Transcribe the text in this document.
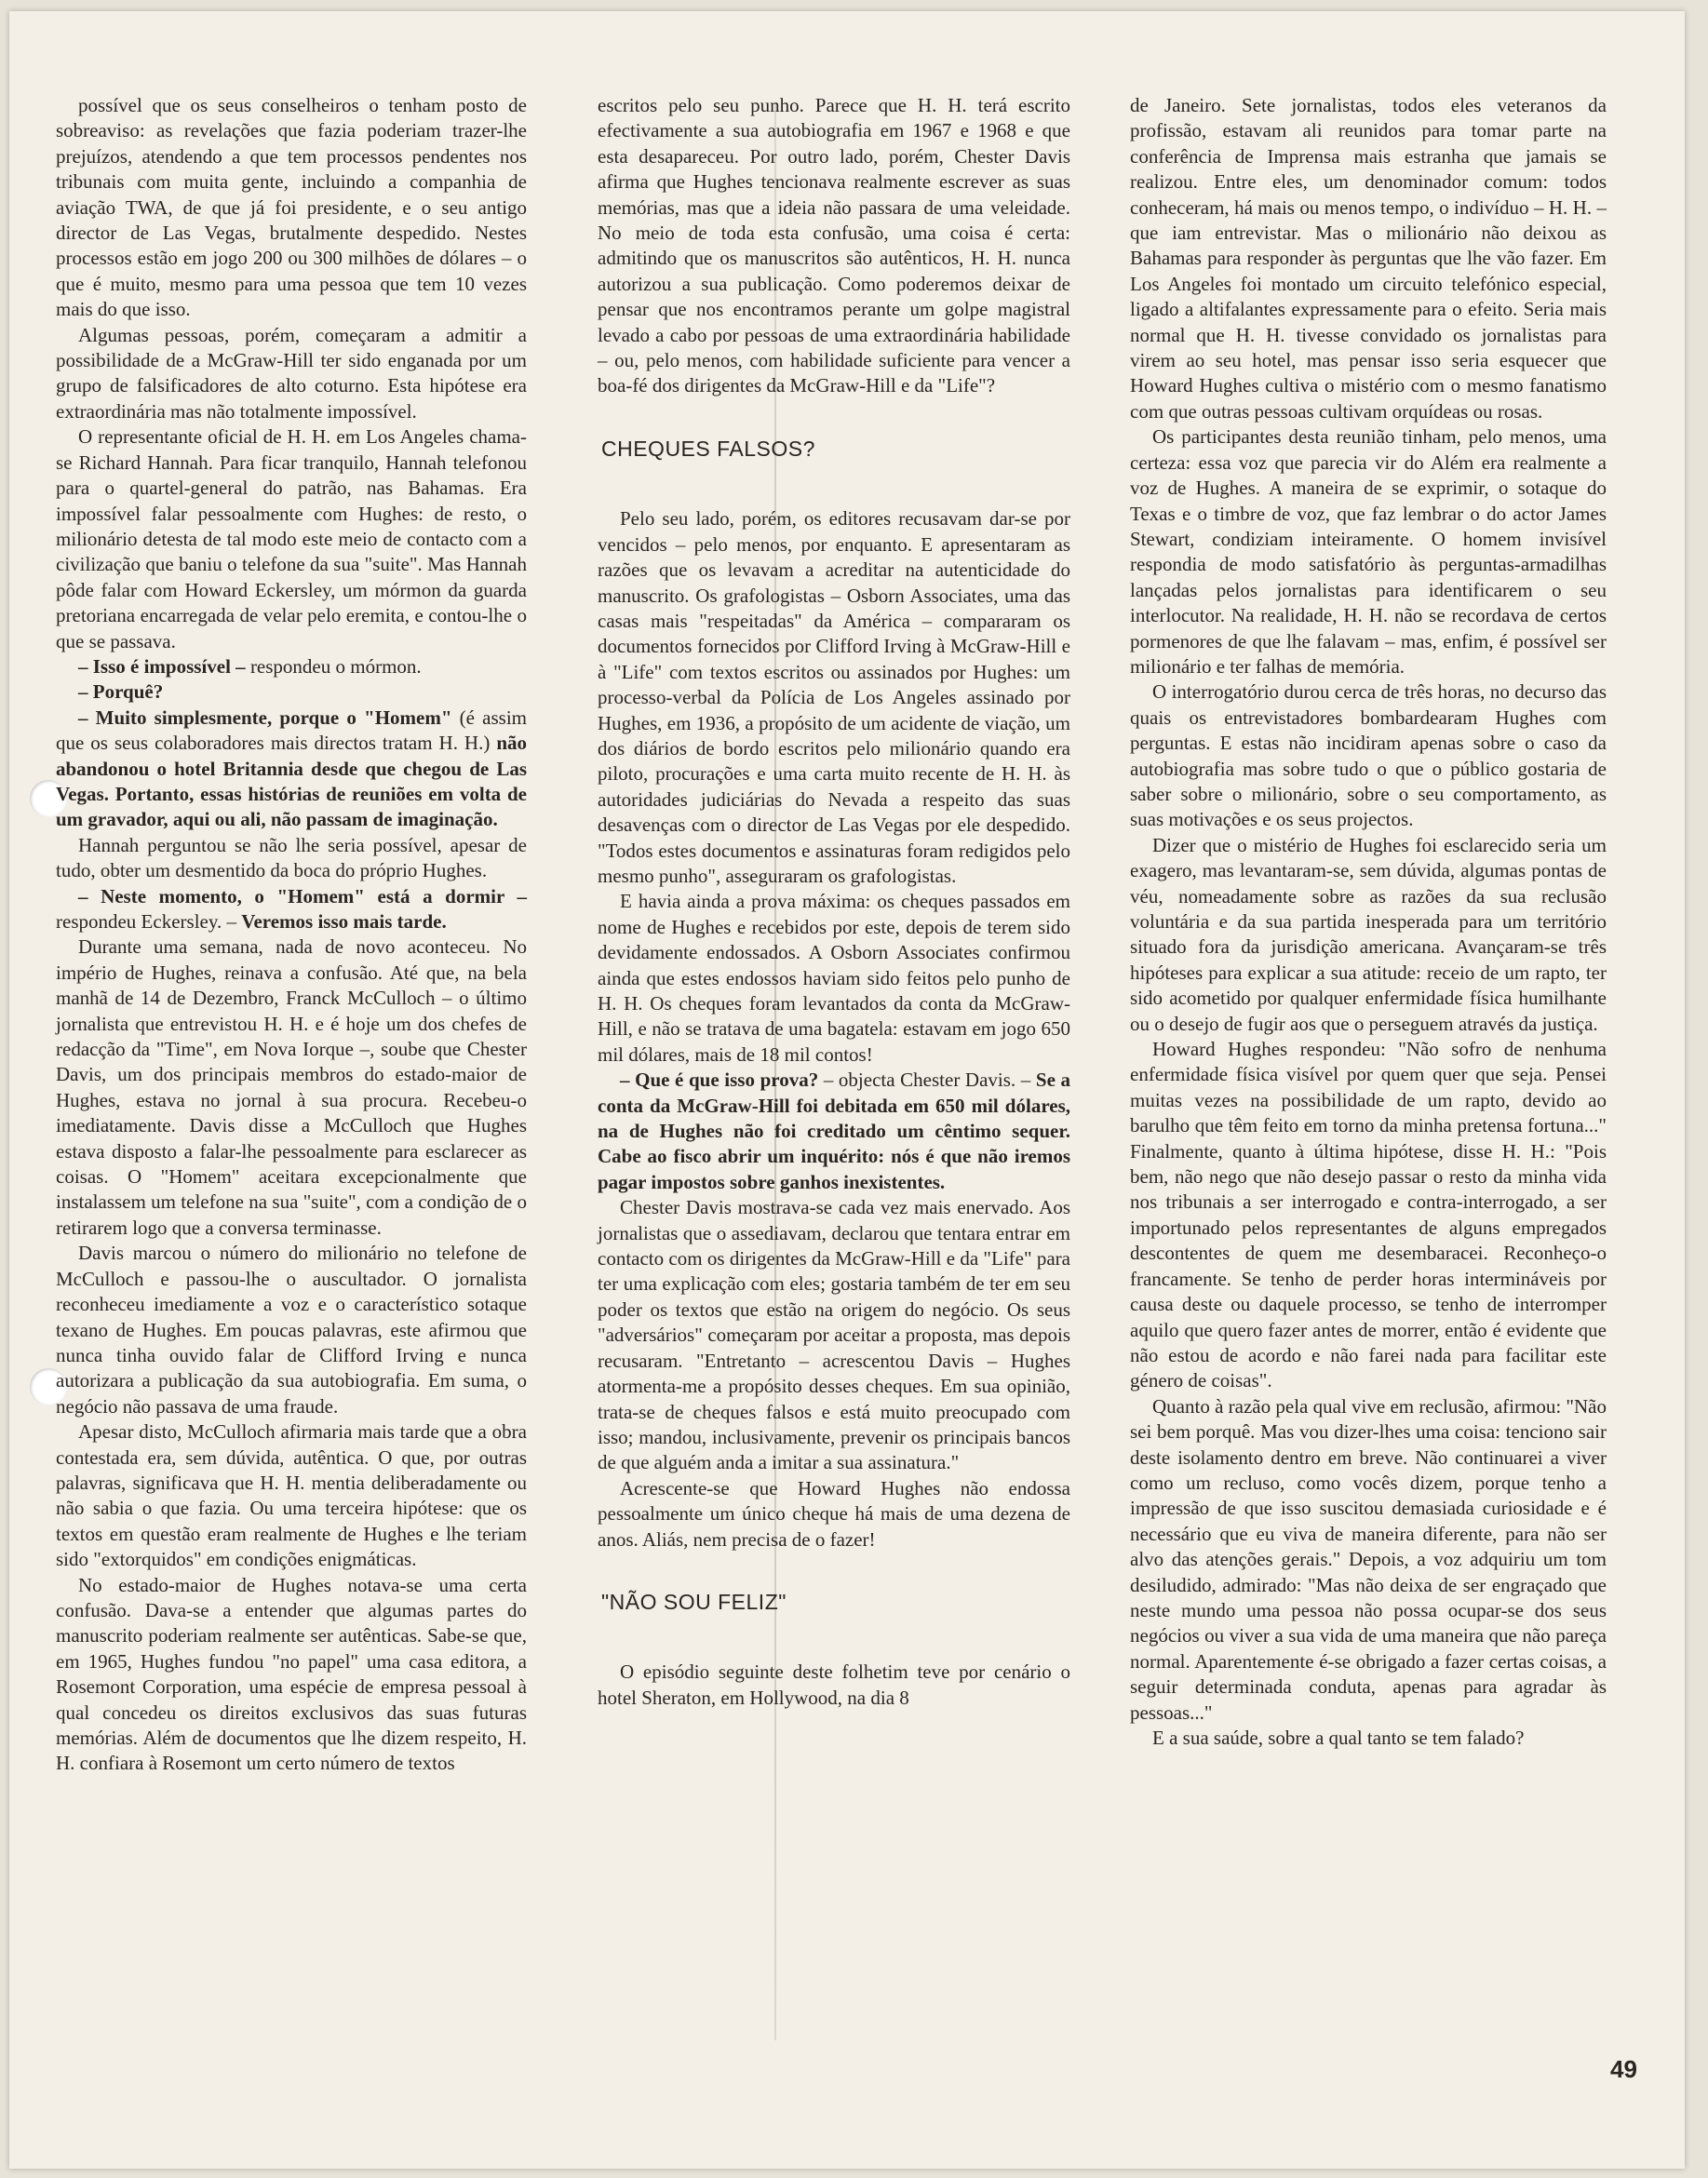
possível que os seus conselheiros o tenham posto de sobreaviso: as revelações que fazia poderiam trazer-lhe prejuízos, atendendo a que tem processos pendentes nos tribunais com muita gente, incluindo a companhia de aviação TWA, de que já foi presidente, e o seu antigo director de Las Vegas, brutalmente despedido. Nestes processos estão em jogo 200 ou 300 milhões de dólares – o que é muito, mesmo para uma pessoa que tem 10 vezes mais do que isso.

Algumas pessoas, porém, começaram a admitir a possibilidade de a McGraw-Hill ter sido enganada por um grupo de falsificadores de alto coturno. Esta hipótese era extraordinária mas não totalmente impossível.

O representante oficial de H. H. em Los Angeles chama-se Richard Hannah. Para ficar tranquilo, Hannah telefonou para o quartel-general do patrão, nas Bahamas. Era impossível falar pessoalmente com Hughes: de resto, o milionário detesta de tal modo este meio de contacto com a civilização que baniu o telefone da sua "suite". Mas Hannah pôde falar com Howard Eckersley, um mórmon da guarda pretoriana encarregada de velar pelo eremita, e contou-lhe o que se passava.

– Isso é impossível – respondeu o mórmon.

– Porquê?

– Muito simplesmente, porque o "Homem" (é assim que os seus colaboradores mais directos tratam H. H.) não abandonou o hotel Britannia desde que chegou de Las Vegas. Portanto, essas histórias de reuniões em volta de um gravador, aqui ou ali, não passam de imaginação.

Hannah perguntou se não lhe seria possível, apesar de tudo, obter um desmentido da boca do próprio Hughes.

– Neste momento, o "Homem" está a dormir – respondeu Eckersley. – Veremos isso mais tarde.

Durante uma semana, nada de novo aconteceu. No império de Hughes, reinava a confusão. Até que, na bela manhã de 14 de Dezembro, Franck McCulloch – o último jornalista que entrevistou H. H. e é hoje um dos chefes de redacção da "Time", em Nova Iorque –, soube que Chester Davis, um dos principais membros do estado-maior de Hughes, estava no jornal à sua procura. Recebeu-o imediatamente. Davis disse a McCulloch que Hughes estava disposto a falar-lhe pessoalmente para esclarecer as coisas. O "Homem" aceitara excepcionalmente que instalassem um telefone na sua "suite", com a condição de o retirarem logo que a conversa terminasse.

Davis marcou o número do milionário no telefone de McCulloch e passou-lhe o auscultador. O jornalista reconheceu imediamente a voz e o característico sotaque texano de Hughes. Em poucas palavras, este afirmou que nunca tinha ouvido falar de Clifford Irving e nunca autorizara a publicação da sua autobiografia. Em suma, o negócio não passava de uma fraude.

Apesar disto, McCulloch afirmaria mais tarde que a obra contestada era, sem dúvida, autêntica. O que, por outras palavras, significava que H. H. mentia deliberadamente ou não sabia o que fazia. Ou uma terceira hipótese: que os textos em questão eram realmente de Hughes e lhe teriam sido "extorquidos" em condições enigmáticas.

No estado-maior de Hughes notava-se uma certa confusão. Dava-se a entender que algumas partes do manuscrito poderiam realmente ser autênticas. Sabe-se que, em 1965, Hughes fundou "no papel" uma casa editora, a Rosemont Corporation, uma espécie de empresa pessoal à qual concedeu os direitos exclusivos das suas futuras memórias. Além de documentos que lhe dizem respeito, H. H. confiara à Rosemont um certo número de textos

escritos pelo seu punho. Parece que H. H. terá escrito efectivamente a sua autobiografia em 1967 e 1968 e que esta desapareceu. Por outro lado, porém, Chester Davis afirma que Hughes tencionava realmente escrever as suas memórias, mas que a ideia não passara de uma veleidade. No meio de toda esta confusão, uma coisa é certa: admitindo que os manuscritos são autênticos, H. H. nunca autorizou a sua publicação. Como poderemos deixar de pensar que nos encontramos perante um golpe magistral levado a cabo por pessoas de uma extraordinária habilidade – ou, pelo menos, com habilidade suficiente para vencer a boa-fé dos dirigentes da McGraw-Hill e da "Life"?

CHEQUES FALSOS?

Pelo seu lado, porém, os editores recusavam dar-se por vencidos – pelo menos, por enquanto. E apresentaram as razões que os levavam a acreditar na autenticidade do manuscrito. Os grafologistas – Osborn Associates, uma das casas mais "respeitadas" da América – compararam os documentos fornecidos por Clifford Irving à McGraw-Hill e à "Life" com textos escritos ou assinados por Hughes: um processo-verbal da Polícia de Los Angeles assinado por Hughes, em 1936, a propósito de um acidente de viação, um dos diários de bordo escritos pelo milionário quando era piloto, procurações e uma carta muito recente de H. H. às autoridades judiciárias do Nevada a respeito das suas desavenças com o director de Las Vegas por ele despedido. "Todos estes documentos e assinaturas foram redigidos pelo mesmo punho", asseguraram os grafologistas.

E havia ainda a prova máxima: os cheques passados em nome de Hughes e recebidos por este, depois de terem sido devidamente endossados. A Osborn Associates confirmou ainda que estes endossos haviam sido feitos pelo punho de H. H. Os cheques foram levantados da conta da McGraw-Hill, e não se tratava de uma bagatela: estavam em jogo 650 mil dólares, mais de 18 mil contos!

– Que é que isso prova? – objecta Chester Davis. – Se a conta da McGraw-Hill foi debitada em 650 mil dólares, na de Hughes não foi creditado um cêntimo sequer. Cabe ao fisco abrir um inquérito: nós é que não iremos pagar impostos sobre ganhos inexistentes.

Chester Davis mostrava-se cada vez mais enervado. Aos jornalistas que o assediavam, declarou que tentara entrar em contacto com os dirigentes da McGraw-Hill e da "Life" para ter uma explicação com eles; gostaria também de ter em seu poder os textos que estão na origem do negócio. Os seus "adversários" começaram por aceitar a proposta, mas depois recusaram. "Entretanto – acrescentou Davis – Hughes atormenta-me a propósito desses cheques. Em sua opinião, trata-se de cheques falsos e está muito preocupado com isso; mandou, inclusivamente, prevenir os principais bancos de que alguém anda a imitar a sua assinatura."

Acrescente-se que Howard Hughes não endossa pessoalmente um único cheque há mais de uma dezena de anos. Aliás, nem precisa de o fazer!

"NÃO SOU FELIZ"

O episódio seguinte deste folhetim teve por cenário o hotel Sheraton, em Hollywood, na dia 8

de Janeiro. Sete jornalistas, todos eles veteranos da profissão, estavam ali reunidos para tomar parte na conferência de Imprensa mais estranha que jamais se realizou. Entre eles, um denominador comum: todos conheceram, há mais ou menos tempo, o indivíduo – H. H. – que iam entrevistar. Mas o milionário não deixou as Bahamas para responder às perguntas que lhe vão fazer. Em Los Angeles foi montado um circuito telefónico especial, ligado a altifalantes expressamente para o efeito. Seria mais normal que H. H. tivesse convidado os jornalistas para virem ao seu hotel, mas pensar isso seria esquecer que Howard Hughes cultiva o mistério com o mesmo fanatismo com que outras pessoas cultivam orquídeas ou rosas.

Os participantes desta reunião tinham, pelo menos, uma certeza: essa voz que parecia vir do Além era realmente a voz de Hughes. A maneira de se exprimir, o sotaque do Texas e o timbre de voz, que faz lembrar o do actor James Stewart, condiziam inteiramente. O homem invisível respondia de modo satisfatório às perguntas-armadilhas lançadas pelos jornalistas para identificarem o seu interlocutor. Na realidade, H. H. não se recordava de certos pormenores de que lhe falavam – mas, enfim, é possível ser milionário e ter falhas de memória.

O interrogatório durou cerca de três horas, no decurso das quais os entrevistadores bombardearam Hughes com perguntas. E estas não incidiram apenas sobre o caso da autobiografia mas sobre tudo o que o público gostaria de saber sobre o milionário, sobre o seu comportamento, as suas motivações e os seus projectos.

Dizer que o mistério de Hughes foi esclarecido seria um exagero, mas levantaram-se, sem dúvida, algumas pontas de véu, nomeadamente sobre as razões da sua reclusão voluntária e da sua partida inesperada para um território situado fora da jurisdição americana. Avançaram-se três hipóteses para explicar a sua atitude: receio de um rapto, ter sido acometido por qualquer enfermidade física humilhante ou o desejo de fugir aos que o perseguem através da justiça.

Howard Hughes respondeu: "Não sofro de nenhuma enfermidade física visível por quem quer que seja. Pensei muitas vezes na possibilidade de um rapto, devido ao barulho que têm feito em torno da minha pretensa fortuna..." Finalmente, quanto à última hipótese, disse H. H.: "Pois bem, não nego que não desejo passar o resto da minha vida nos tribunais a ser interrogado e contra-interrogado, a ser importunado pelos representantes de alguns empregados descontentes de quem me desembaracei. Reconheço-o francamente. Se tenho de perder horas intermináveis por causa deste ou daquele processo, se tenho de interromper aquilo que quero fazer antes de morrer, então é evidente que não estou de acordo e não farei nada para facilitar este género de coisas".

Quanto à razão pela qual vive em reclusão, afirmou: "Não sei bem porquê. Mas vou dizer-lhes uma coisa: tenciono sair deste isolamento dentro em breve. Não continuarei a viver como um recluso, como vocês dizem, porque tenho a impressão de que isso suscitou demasiada curiosidade e é necessário que eu viva de maneira diferente, para não ser alvo das atenções gerais." Depois, a voz adquiriu um tom desiludido, admirado: "Mas não deixa de ser engraçado que neste mundo uma pessoa não possa ocupar-se dos seus negócios ou viver a sua vida de uma maneira que não pareça normal. Aparentemente é-se obrigado a fazer certas coisas, a seguir determinada conduta, apenas para agradar às pessoas..."

E a sua saúde, sobre a qual tanto se tem falado?

49
